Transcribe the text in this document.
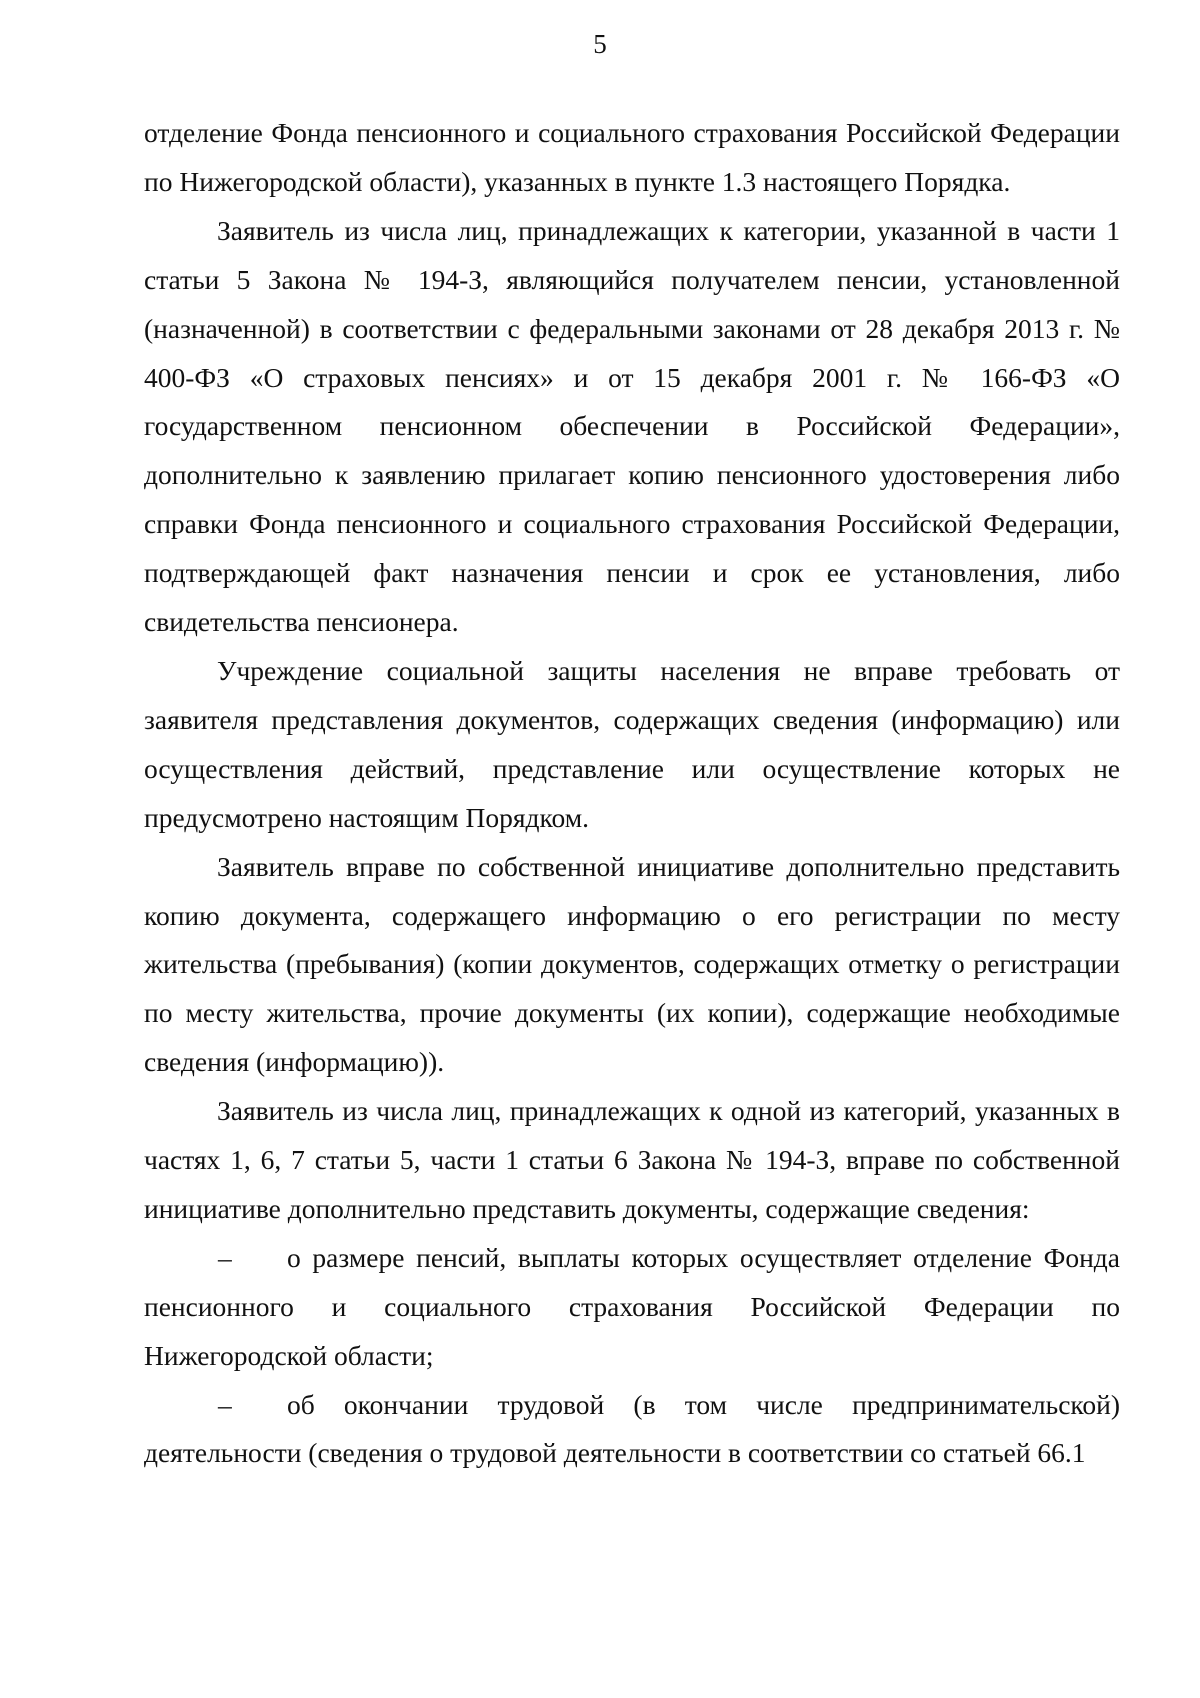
5

отделение Фонда пенсионного и социального страхования Российской Федерации по Нижегородской области), указанных в пункте 1.3 настоящего Порядка.

Заявитель из числа лиц, принадлежащих к категории, указанной в части 1 статьи 5 Закона № 194-З, являющийся получателем пенсии, установленной (назначенной) в соответствии с федеральными законами от 28 декабря 2013 г. № 400-ФЗ «О страховых пенсиях» и от 15 декабря 2001 г. № 166-ФЗ «О государственном пенсионном обеспечении в Российской Федерации», дополнительно к заявлению прилагает копию пенсионного удостоверения либо справки Фонда пенсионного и социального страхования Российской Федерации, подтверждающей факт назначения пенсии и срок ее установления, либо свидетельства пенсионера.

Учреждение социальной защиты населения не вправе требовать от заявителя представления документов, содержащих сведения (информацию) или осуществления действий, представление или осуществление которых не предусмотрено настоящим Порядком.

Заявитель вправе по собственной инициативе дополнительно представить копию документа, содержащего информацию о его регистрации по месту жительства (пребывания) (копии документов, содержащих отметку о регистрации по месту жительства, прочие документы (их копии), содержащие необходимые сведения (информацию)).

Заявитель из числа лиц, принадлежащих к одной из категорий, указанных в частях 1, 6, 7 статьи 5, части 1 статьи 6 Закона № 194-З, вправе по собственной инициативе дополнительно представить документы, содержащие сведения:

– о размере пенсий, выплаты которых осуществляет отделение Фонда пенсионного и социального страхования Российской Федерации по Нижегородской области;

– об окончании трудовой (в том числе предпринимательской) деятельности (сведения о трудовой деятельности в соответствии со статьей 66.1
